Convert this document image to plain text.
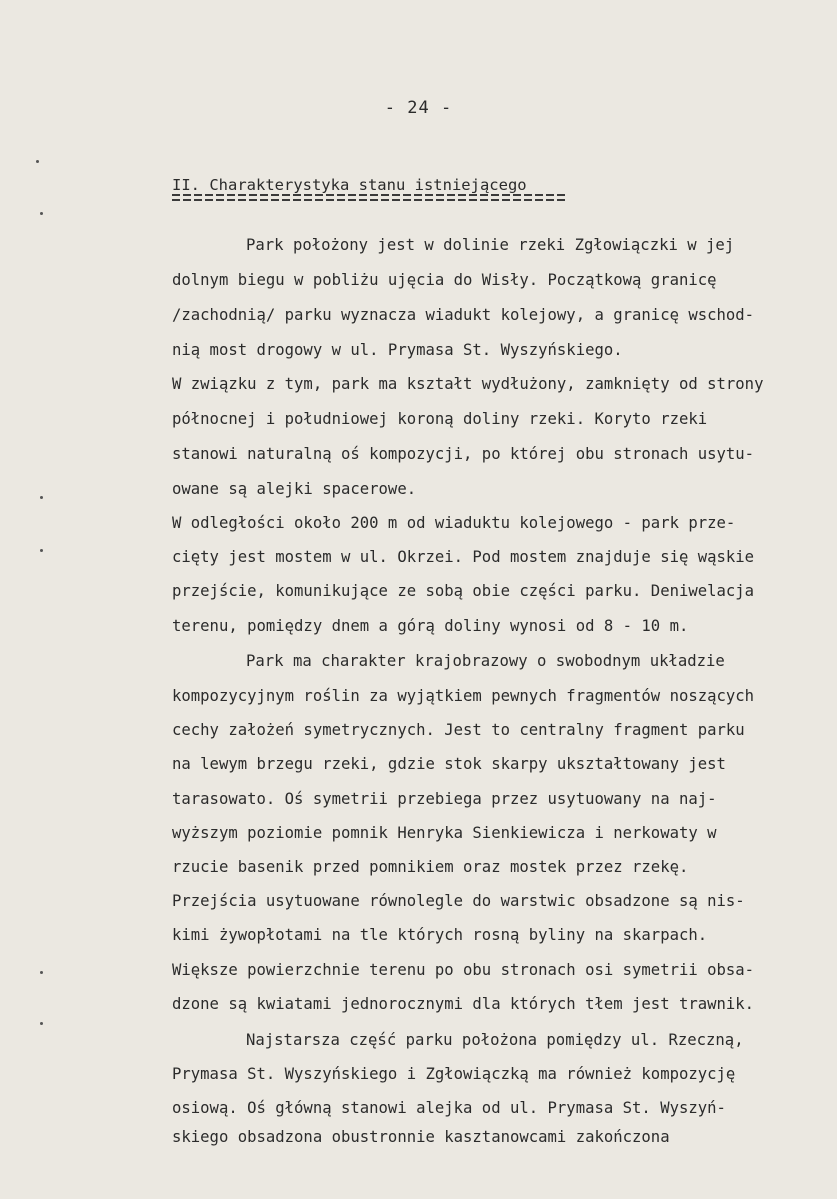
- 24 -
II. Charakterystyka stanu istniejącego
Park położony jest w dolinie rzeki Zgłowiączki w jej
dolnym biegu w pobliżu ujęcia do Wisły. Początkową granicę
/zachodnią/ parku wyznacza wiadukt kolejowy, a granicę wschod-
nią most drogowy w ul. Prymasa St. Wyszyńskiego.
W związku z tym, park ma kształt wydłużony, zamknięty od strony
północnej i południowej koroną doliny rzeki. Koryto rzeki
stanowi naturalną oś kompozycji, po której obu stronach usytu-
owane są alejki spacerowe.
W odległości około 200 m od wiaduktu kolejowego - park prze-
cięty jest mostem w ul. Okrzei. Pod mostem znajduje się wąskie
przejście, komunikujące ze sobą obie części parku. Deniwelacja
terenu, pomiędzy dnem a górą doliny wynosi od 8 - 10 m.
Park ma charakter krajobrazowy o swobodnym układzie
kompozycyjnym roślin za wyjątkiem pewnych fragmentów noszących
cechy założeń symetrycznych. Jest to centralny fragment parku
na lewym brzegu rzeki, gdzie stok skarpy ukształtowany jest
tarasowato. Oś symetrii przebiega przez usytuowany na naj-
wyższym poziomie pomnik Henryka Sienkiewicza i nerkowaty w
rzucie basenik przed pomnikiem oraz mostek przez rzekę.
Przejścia usytuowane równolegle do warstwic obsadzone są nis-
kimi żywopłotami na tle których rosną byliny na skarpach.
Większe powierzchnie terenu po obu stronach osi symetrii obsa-
dzone są kwiatami jednorocznymi dla których tłem jest trawnik.
Najstarsza część parku położona pomiędzy ul. Rzeczną,
Prymasa St. Wyszyńskiego i Zgłowiączką ma również kompozycję
osiową. Oś główną stanowi alejka od ul. Prymasa St. Wyszyń-
skiego obsadzona obustronnie kasztanowcami zakończona
